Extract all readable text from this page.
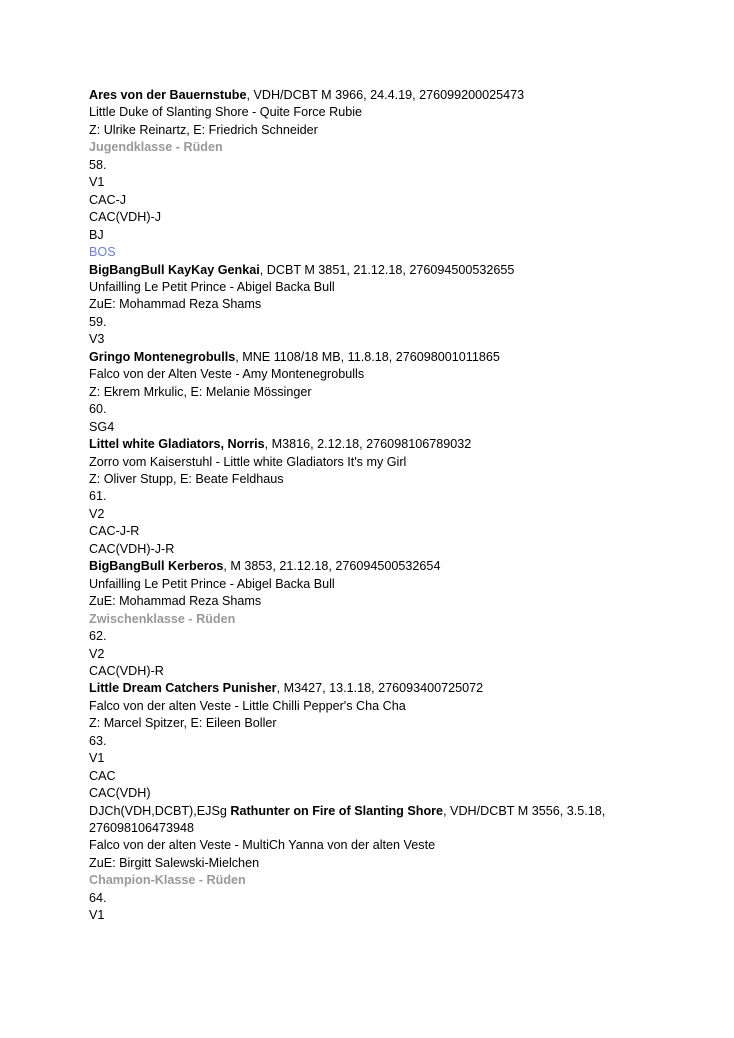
Ares von der Bauernstube, VDH/DCBT M 3966, 24.4.19, 276099200025473
Little Duke of Slanting Shore - Quite Force Rubie
Z: Ulrike Reinartz, E: Friedrich Schneider
Jugendklasse - Rüden
58.
V1
CAC-J
CAC(VDH)-J
BJ
BOS
BigBangBull KayKay Genkai, DCBT M 3851, 21.12.18, 276094500532655
Unfailling Le Petit Prince - Abigel Backa Bull
ZuE: Mohammad Reza Shams
59.
V3
Gringo Montenegrobulls, MNE 1108/18 MB, 11.8.18, 276098001011865
Falco von der Alten Veste - Amy Montenegrobulls
Z: Ekrem Mrkulic, E: Melanie Mössinger
60.
SG4
Littel white Gladiators, Norris, M3816, 2.12.18, 276098106789032
Zorro vom Kaiserstuhl - Little white Gladiators It's my Girl
Z: Oliver Stupp, E: Beate Feldhaus
61.
V2
CAC-J-R
CAC(VDH)-J-R
BigBangBull Kerberos, M 3853, 21.12.18, 276094500532654
Unfailling Le Petit Prince - Abigel Backa Bull
ZuE: Mohammad Reza Shams
Zwischenklasse - Rüden
62.
V2
CAC(VDH)-R
Little Dream Catchers Punisher, M3427, 13.1.18, 276093400725072
Falco von der alten Veste - Little Chilli Pepper's Cha Cha
Z: Marcel Spitzer, E: Eileen Boller
63.
V1
CAC
CAC(VDH)
DJCh(VDH,DCBT),EJSg Rathunter on Fire of Slanting Shore, VDH/DCBT M 3556, 3.5.18, 276098106473948
Falco von der alten Veste - MultiCh Yanna von der alten Veste
ZuE: Birgitt Salewski-Mielchen
Champion-Klasse - Rüden
64.
V1
